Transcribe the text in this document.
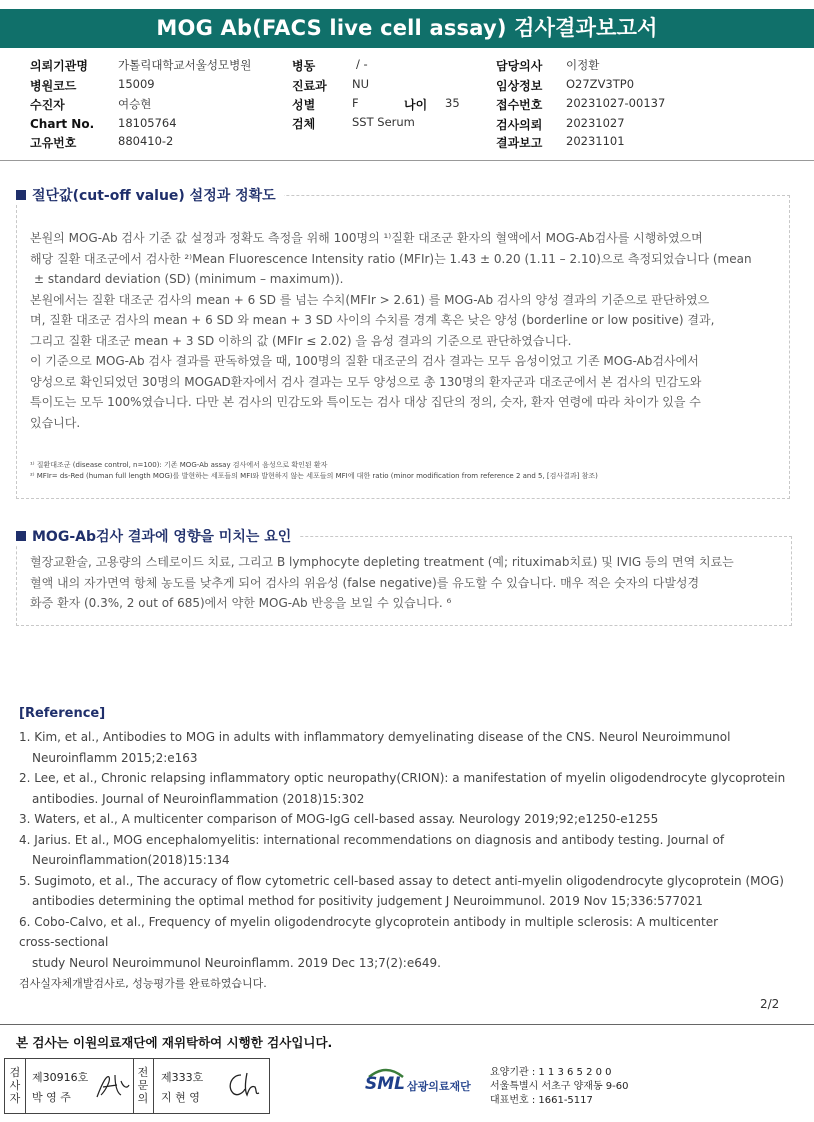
MOG Ab(FACS live cell assay) 검사결과보고서
의뢰기관명	가톨릭대학교서울성모병원
병원코드	15009
수진자	여승현
Chart No. 18105764
고유번호	880410-2
병동	/ -
진료과 NU
성별	F	나이 35
검체	SST Serum
담당의사 이정환
임상정보 O27ZV3TP0
접수번호 20231027-00137
검사의뢰 20231027
결과보고 20231101
절단값(cut-off value) 설정과 정확도
본원의 MOG-Ab 검사 기준 값 설정과 정확도 측정을 위해 100명의 ¹⁾질환 대조군 환자의 혈액에서 MOG-Ab검사를 시행하였으며
해당 질환 대조군에서 검사한 ²⁾Mean Fluorescence Intensity ratio (MFIr)는 1.43 ± 0.20 (1.11 – 2.10)으로 측정되었습니다 (mean
± standard deviation (SD) (minimum – maximum)).
본원에서는 질환 대조군 검사의 mean + 6 SD 를 넘는 수치(MFIr > 2.61) 를 MOG-Ab 검사의 양성 결과의 기준으로 판단하였으
며, 질환 대조군 검사의 mean + 6 SD 와 mean + 3 SD 사이의 수치를 경계 혹은 낮은 양성 (borderline or low positive) 결과,
그리고 질환 대조군 mean + 3 SD 이하의 값 (MFIr ≤ 2.02) 을 음성 결과의 기준으로 판단하였습니다.
이 기준으로 MOG-Ab 검사 결과를 판독하였을 때, 100명의 질환 대조군의 검사 결과는 모두 음성이었고 기존 MOG-Ab검사에서
양성으로 확인되었던 30명의 MOGAD환자에서 검사 결과는 모두 양성으로 총 130명의 환자군과 대조군에서 본 검사의 민감도와
특이도는 모두 100%였습니다. 다만 본 검사의 민감도와 특이도는 검사 대상 집단의 정의, 숫자, 환자 연령에 따라 차이가 있을 수
있습니다.
¹⁾ 질환대조군 (disease control, n=100): 기존 MOG-Ab assay 검사에서 음성으로 확인된 환자
²⁾ MFIr= ds-Red (human full length MOG)를 발현하는 세포들의 MFI와 발현하지 않는 세포들의 MFI에 대한 ratio (minor modification from reference 2 and 5, [검사결과] 참조)
MOG-Ab검사 결과에 영향을 미치는 요인
혈장교환술, 고용량의 스테로이드 치료, 그리고 B lymphocyte depleting treatment (예; rituximab치료) 및 IVIG 등의 면역 치료는
혈액 내의 자가면역 항체 농도를 낮추게 되어 검사의 위음성 (false negative)를 유도할 수 있습니다. 매우 적은 숫자의 다발성경
화증 환자 (0.3%, 2 out of 685)에서 약한 MOG-Ab 반응을 보일 수 있습니다. ⁶
[Reference]
1. Kim, et al., Antibodies to MOG in adults with inflammatory demyelinating disease of the CNS. Neurol Neuroimmunol
Neuroinflamm 2015;2:e163
2. Lee, et al., Chronic relapsing inflammatory optic neuropathy(CRION): a manifestation of myelin oligodendrocyte glycoprotein
antibodies. Journal of Neuroinflammation (2018)15:302
3. Waters, et al., A multicenter comparison of MOG-IgG cell-based assay. Neurology 2019;92;e1250-e1255
4. Jarius. Et al., MOG encephalomyelitis: international recommendations on diagnosis and antibody testing. Journal of
Neuroinflammation(2018)15:134
5. Sugimoto, et al., The accuracy of flow cytometric cell-based assay to detect anti-myelin oligodendrocyte glycoprotein (MOG)
antibodies determining the optimal method for positivity judgement J Neuroimmunol. 2019 Nov 15;336:577021
6. Cobo-Calvo, et al., Frequency of myelin oligodendrocyte glycoprotein antibody in multiple sclerosis: A multicenter
cross-sectional
study Neurol Neuroimmunol Neuroinflamm. 2019 Dec 13;7(2):e649.
검사실자체개발검사로, 성능평가를 완료하였습니다.
2/2
본 검사는 이원의료재단에 재위탁하여 시행한 검사입니다.
검사자
제30916호
박 영 주
전문의
제333호
지 현 영
SML 삼광의료재단
요양기관 : 1 1 3 6 5 2 0 0
서울특별시 서초구 양재동 9-60
대표번호 : 1661-5117
